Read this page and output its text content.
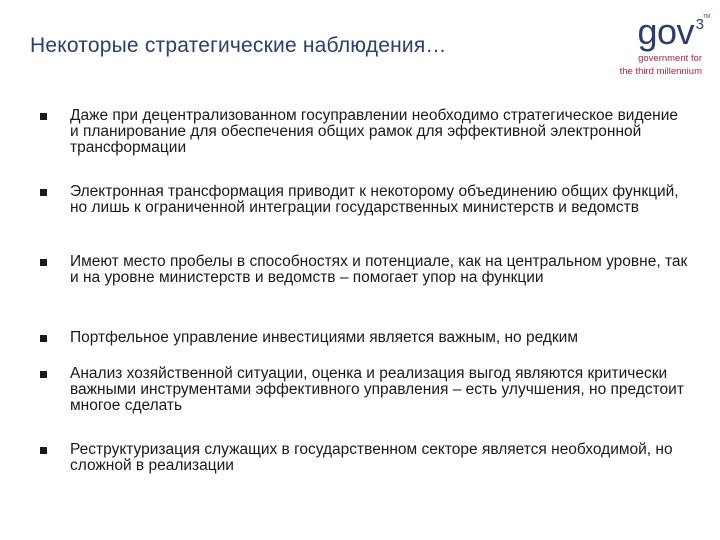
Некоторые стратегические наблюдения…	gov 3
TM
government for
the third millennium
Даже при децентрализованном госуправлении необходимо стратегическое видение и планирование для обеспечения общих рамок для эффективной электронной трансформации
Электронная трансформация приводит к некоторому объединению общих функций, но лишь к ограниченной интеграции государственных министерств и ведомств
Имеют место пробелы в способностях и потенциале, как на центральном уровне, так и на уровне министерств и ведомств – помогает упор на функции
Портфельное управление инвестициями является важным, но редким
Анализ хозяйственной ситуации, оценка и реализация выгод являются критически важными инструментами эффективного управления – есть улучшения, но предстоит многое сделать
Реструктуризация служащих в государственном секторе является необходимой, но сложной в реализации
